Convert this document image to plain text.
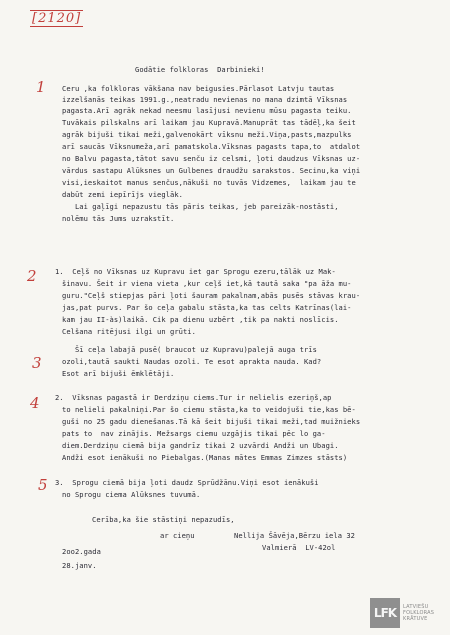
[2120]
Godātie folkloras  Darbinieki!
1
2
3
4
5
Ceru ,ka folkloras vākšana nav beigusies.Pārlasot Latvju tautas
izzelšanās teikas 1991.g.,neatradu nevienas no mana dzimtā Vīksnas
pagasta.Arī agrāk nekad neesmu lasījusi nevienu mūsu pagasta teiku.
Tuvākais pilskalns arī laikam jau Kupravā.Manuprāt tas tādēļ,ka šeit
agrāk bijuši tikai meži,galvenokārt vīksnu meži.Viņa,pasts,mazpulks
arī saucās Vīksnumeža,arī pamatskola.Vīksnas pagasts tapa,to  atdalot
no Balvu pagasta,tātot savu senču iz celsmi, ļoti daudzus Vīksnas uz-
vārdus sastapu Alūksnes un Gulbenes draudžu sarakstos. Secinu,ka viņi
visi,ieskaitot manus senčus,nākuši no tuvās Vidzemes,  laikam jau te
dabūt zemi iepīrījs vieglāk.
Lai gaļīgi nepazustu tās pāris teikas, jeb pareizāk-nostāsti,
nolēmu tās Jums uzrakstīt.
1.  Ceļš no Vīksnas uz Kupravu iet gar Sprogu ezeru,tālāk uz Mak-
šinavu. Šeit ir viena vieta ,kur ceļš iet,kā tautā saka "pa āža mu-
guru."Ceļš stiepjas pāri ļoti šauram pakalnam,abās pusēs stāvas krau-
jas,pat purvs. Par šo ceļa gabalu stāsta,ka tas celts Katrīnas(lai-
kam jau II-às)laikā. Cik pa dienu uzbērt ,tik pa nakti noslīcis.
Celšana ritējusi ilgi un grūti.
Šī ceļa labajā pusē( braucot uz Kupravu)palejā auga trīs
ozoli,tautā saukti Naudas ozoli. Te esot aprakta nauda. Kad?
Esot arī bijuši ēmklētāji.
2.  Vīksnas pagastā ir Derdziņu ciems.Tur ir nelielis ezeriņš,ap
to nelieli pakalniņi.Par šo ciemu stāsta,ka to veidojuši tie,kas bē-
guši no 25 gadu dienešanas.Tā kā šeit bijuši tikai meži,tad muižnieks
pats to  nav zinājis. Mežsargs ciemu uzgājis tikai pēc lo ga-
diem.Derdziņu ciemā bija gandrīz tikai 2 uzvārdi Andži un Ubagi.
Andži esot ienākuši no Piebalgas.(Manas mātes Emmas Zimzes stāsts)
3.  Sprogu ciemā bija ļoti daudz Sprūdžānu.Viņi esot ienākuši
no Sprogu ciema Alūksnes tuvumā.
Cerība,ka šie stāstiņi nepazudīs,
ar cieņu	Nellija Šāvēja,Bērzu iela 32
Valmierā  LV-42ol
2oo2.gada
28.janv.
LFK	LATVIEŠU
FOLKLORAS
KRĀTUVE
